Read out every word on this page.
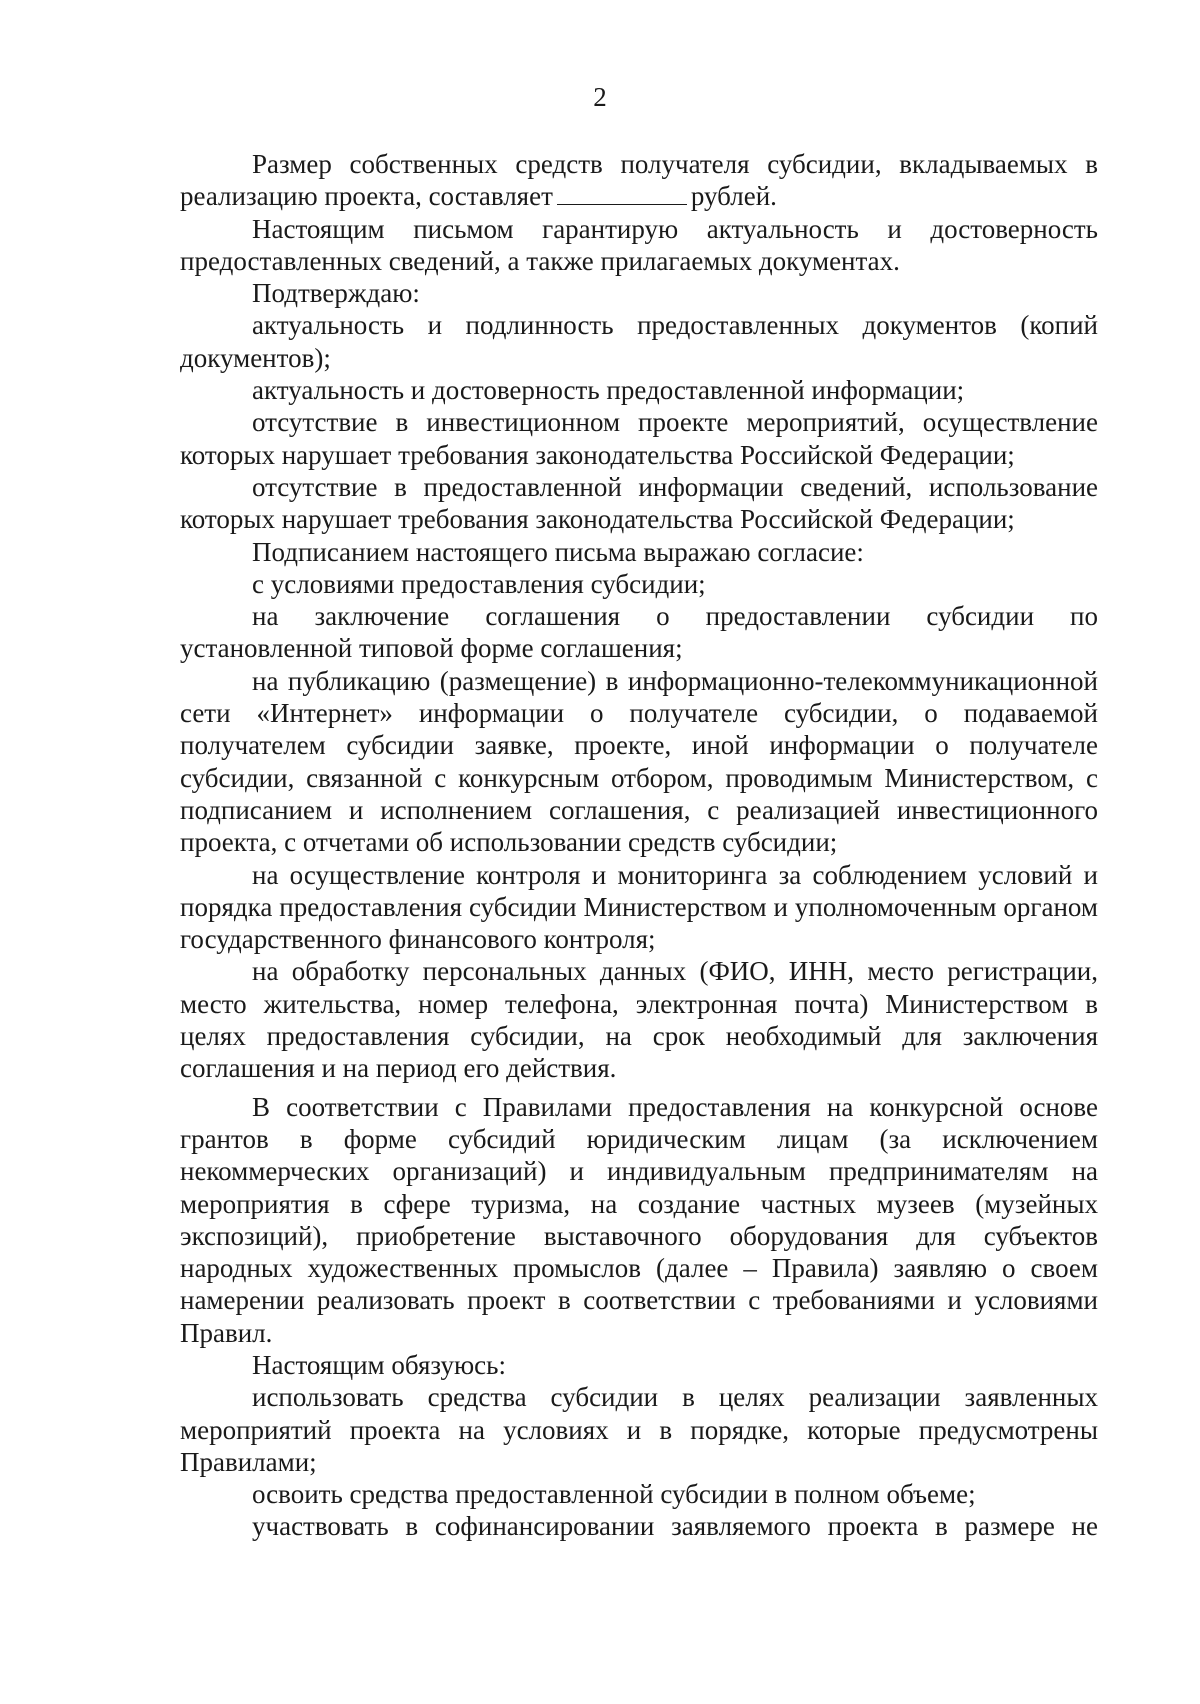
2

Размер собственных средств получателя субсидии, вкладываемых в реализацию проекта, составляет	рублей.

Настоящим письмом гарантирую актуальность и достоверность предоставленных сведений, а также прилагаемых документах.

Подтверждаю:

актуальность и подлинность предоставленных документов (копий документов);

актуальность и достоверность предоставленной информации;

отсутствие в инвестиционном проекте мероприятий, осуществление которых нарушает требования законодательства Российской Федерации;

отсутствие в предоставленной информации сведений, использование которых нарушает требования законодательства Российской Федерации;

Подписанием настоящего письма выражаю согласие:

с условиями предоставления субсидии;

на заключение соглашения о предоставлении субсидии по установленной типовой форме соглашения;

на публикацию (размещение) в информационно-телекоммуникационной сети «Интернет» информации о получателе субсидии, о подаваемой получателем субсидии заявке, проекте, иной информации о получателе субсидии, связанной с конкурсным отбором, проводимым Министерством, с подписанием и исполнением соглашения, с реализацией инвестиционного проекта, с отчетами об использовании средств субсидии;

на осуществление контроля и мониторинга за соблюдением условий и порядка предоставления субсидии Министерством и уполномоченным органом государственного финансового контроля;

на обработку персональных данных (ФИО, ИНН, место регистрации, место жительства, номер телефона, электронная почта) Министерством в целях предоставления субсидии, на срок необходимый для заключения соглашения и на период его действия.

В соответствии с Правилами предоставления на конкурсной основе грантов в форме субсидий юридическим лицам (за исключением некоммерческих организаций) и индивидуальным предпринимателям на мероприятия в сфере туризма, на создание частных музеев (музейных экспозиций), приобретение выставочного оборудования для субъектов народных художественных промыслов (далее – Правила) заявляю о своем намерении реализовать проект в соответствии с требованиями и условиями Правил.

Настоящим обязуюсь:

использовать средства субсидии в целях реализации заявленных мероприятий проекта на условиях и в порядке, которые предусмотрены Правилами;

освоить средства предоставленной субсидии в полном объеме;

участвовать в софинансировании заявляемого проекта в размере не
